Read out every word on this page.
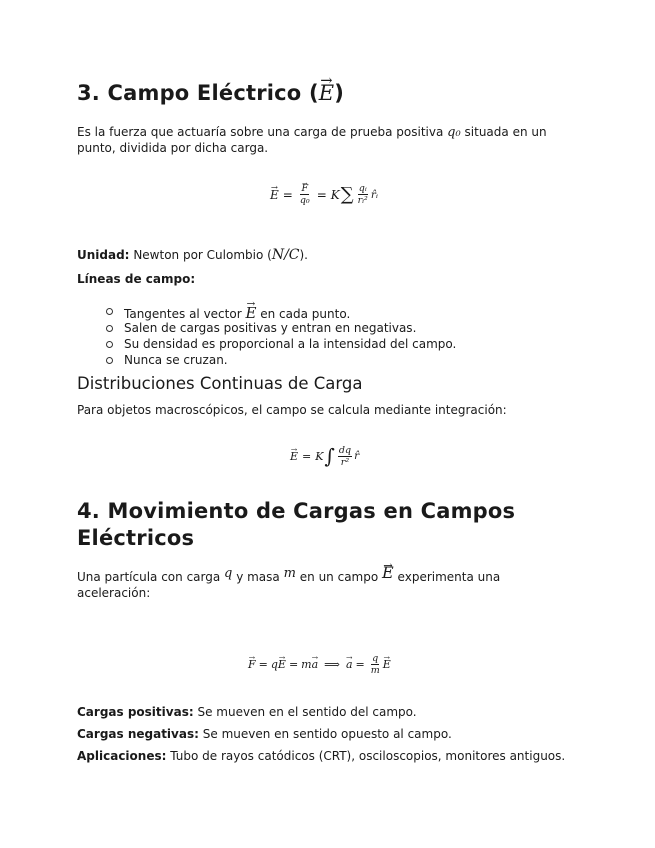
3. Campo Eléctrico (→ E)
Es la fuerza que actuaría sobre una carga de prueba positiva q₀ situada en un
punto, dividida por dicha carga.
→ E =
→ $\frac{F}{\text{q₀}} = K$ ∑ $\frac{\text{qᵢ}}{\text{rᵢ²}}$ r̂ᵢ
Unidad: Newton por Culombio (N/C).
Líneas de campo:
Tangentes al vector → E en cada punto.
Salen de cargas positivas y entran en negativas.
Su densidad es proporcional a la intensidad del campo.
Nunca se cruzan.
Distribuciones Continuas de Carga
Para objetos macroscópicos, el campo se calcula mediante integración:
→ E = K ∫ $\frac{dq}{\text{r²}}$ r̂
4. Movimiento de Cargas en Campos
Eléctricos
Una partícula con carga q y masa m en un campo → E experimenta una
aceleración:
→ F = q
→ E = m
→ a ⟹
→ $a = \frac{q}{m}$
→ E
Cargas positivas: Se mueven en el sentido del campo.
Cargas negativas: Se mueven en sentido opuesto al campo.
Aplicaciones: Tubo de rayos catódicos (CRT), osciloscopios, monitores antiguos.
